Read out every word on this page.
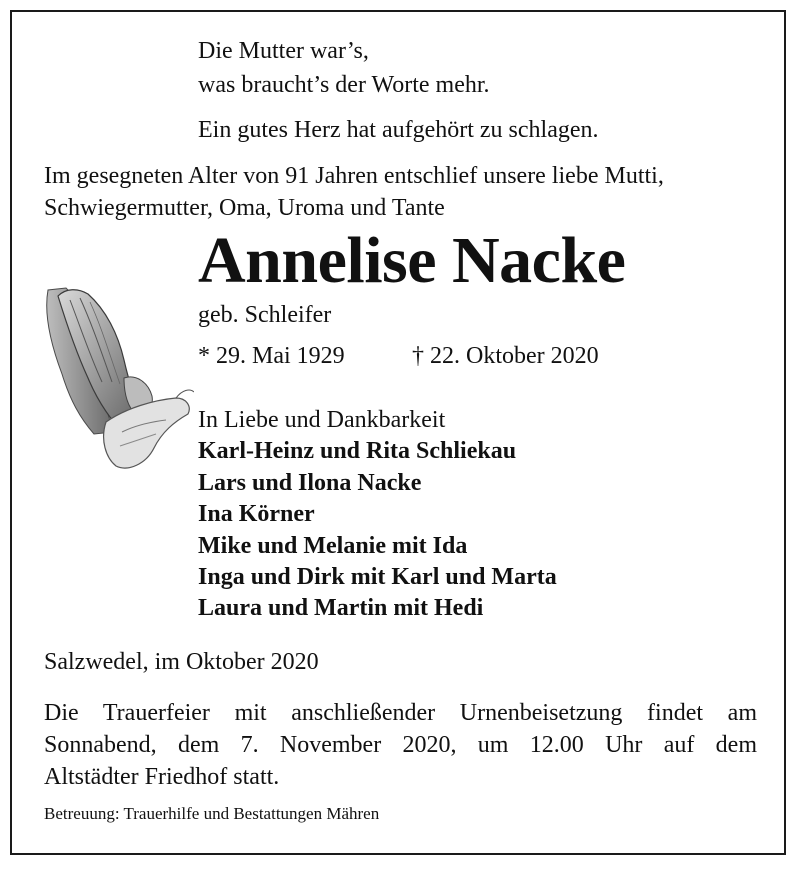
Die Mutter war’s,
was braucht’s der Worte mehr.
Ein gutes Herz hat aufgehört zu schlagen.
Im gesegneten Alter von 91 Jahren entschlief unsere liebe Mutti,
Schwiegermutter, Oma, Uroma und Tante
Annelise Nacke
geb. Schleifer
* 29. Mai 1929	† 22. Oktober 2020
In Liebe und Dankbarkeit
Karl-Heinz und Rita Schliekau
Lars und Ilona Nacke
Ina Körner
Mike und Melanie mit Ida
Inga und Dirk mit Karl und Marta
Laura und Martin mit Hedi
Salzwedel, im Oktober 2020
Die Trauerfeier mit anschließender Urnenbeisetzung findet am
Sonnabend, dem 7. November 2020, um 12.00 Uhr auf dem
Altstädter Friedhof statt.
Betreuung: Trauerhilfe und Bestattungen Mähren
